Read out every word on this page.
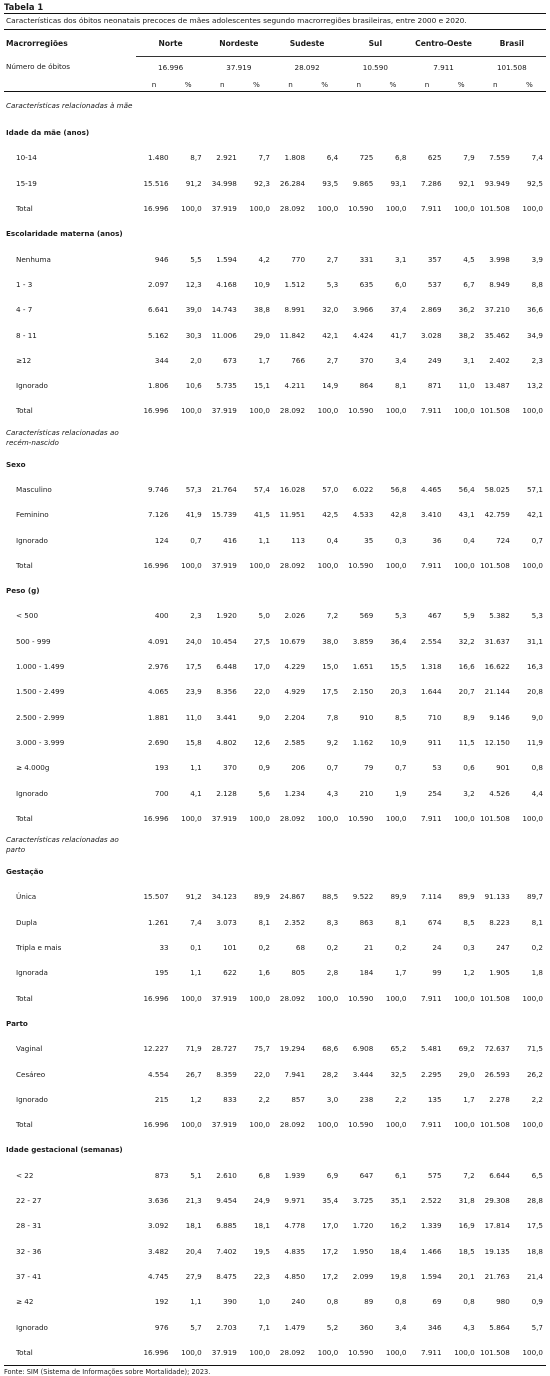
Tabela 1
Características dos óbitos neonatais precoces de mães adolescentes segundo macrorregiões brasileiras, entre 2000 e 2020.
Macrorregiões	Norte		Nordeste		Sudeste		Sul		Centro-Oeste		Brasil	
Número de óbitos	16.996		37.919		28.092		10.590		7.911		101.508	
	n	%	n	%	n	%	n	%	n	%	n	%
Características relacionadas à mãe												
Idade da mãe (anos)												
10-14	1.480	8,7	2.921	7,7	1.808	6,4	725	6,8	625	7,9	7.559	7,4
15-19	15.516	91,2	34.998	92,3	26.284	93,5	9.865	93,1	7.286	92,1	93.949	92,5
Total	16.996	100,0	37.919	100,0	28.092	100,0	10.590	100,0	7.911	100,0	101.508	100,0
Escolaridade materna (anos)												
Nenhuma	946	5,5	1.594	4,2	770	2,7	331	3,1	357	4,5	3.998	3,9
1 - 3	2.097	12,3	4.168	10,9	1.512	5,3	635	6,0	537	6,7	8.949	8,8
4 - 7	6.641	39,0	14.743	38,8	8.991	32,0	3.966	37,4	2.869	36,2	37.210	36,6
8 - 11	5.162	30,3	11.006	29,0	11.842	42,1	4.424	41,7	3.028	38,2	35.462	34,9
≥12	344	2,0	673	1,7	766	2,7	370	3,4	249	3,1	2.402	2,3
Ignorado	1.806	10,6	5.735	15,1	4.211	14,9	864	8,1	871	11,0	13.487	13,2
Total	16.996	100,0	37.919	100,0	28.092	100,0	10.590	100,0	7.911	100,0	101.508	100,0
Características relacionadas ao recém-nascido												
Sexo												
Masculino	9.746	57,3	21.764	57,4	16.028	57,0	6.022	56,8	4.465	56,4	58.025	57,1
Feminino	7.126	41,9	15.739	41,5	11.951	42,5	4.533	42,8	3.410	43,1	42.759	42,1
Ignorado	124	0,7	416	1,1	113	0,4	35	0,3	36	0,4	724	0,7
Total	16.996	100,0	37.919	100,0	28.092	100,0	10.590	100,0	7.911	100,0	101.508	100,0
Peso (g)												
< 500	400	2,3	1.920	5,0	2.026	7,2	569	5,3	467	5,9	5.382	5,3
500 - 999	4.091	24,0	10.454	27,5	10.679	38,0	3.859	36,4	2.554	32,2	31.637	31,1
1.000 - 1.499	2.976	17,5	6.448	17,0	4.229	15,0	1.651	15,5	1.318	16,6	16.622	16,3
1.500 - 2.499	4.065	23,9	8.356	22,0	4.929	17,5	2.150	20,3	1.644	20,7	21.144	20,8
2.500 - 2.999	1.881	11,0	3.441	9,0	2.204	7,8	910	8,5	710	8,9	9.146	9,0
3.000 - 3.999	2.690	15,8	4.802	12,6	2.585	9,2	1.162	10,9	911	11,5	12.150	11,9
≥ 4.000g	193	1,1	370	0,9	206	0,7	79	0,7	53	0,6	901	0,8
Ignorado	700	4,1	2.128	5,6	1.234	4,3	210	1,9	254	3,2	4.526	4,4
Total	16.996	100,0	37.919	100,0	28.092	100,0	10.590	100,0	7.911	100,0	101.508	100,0
Características relacionadas ao parto												
Gestação												
Única	15.507	91,2	34.123	89,9	24.867	88,5	9.522	89,9	7.114	89,9	91.133	89,7
Dupla	1.261	7,4	3.073	8,1	2.352	8,3	863	8,1	674	8,5	8.223	8,1
Tripla e mais	33	0,1	101	0,2	68	0,2	21	0,2	24	0,3	247	0,2
Ignorada	195	1,1	622	1,6	805	2,8	184	1,7	99	1,2	1.905	1,8
Total	16.996	100,0	37.919	100,0	28.092	100,0	10.590	100,0	7.911	100,0	101.508	100,0
Parto												
Vaginal	12.227	71,9	28.727	75,7	19.294	68,6	6.908	65,2	5.481	69,2	72.637	71,5
Cesáreo	4.554	26,7	8.359	22,0	7.941	28,2	3.444	32,5	2.295	29,0	26.593	26,2
Ignorado	215	1,2	833	2,2	857	3,0	238	2,2	135	1,7	2.278	2,2
Total	16.996	100,0	37.919	100,0	28.092	100,0	10.590	100,0	7.911	100,0	101.508	100,0
Idade gestacional (semanas)												
< 22	873	5,1	2.610	6,8	1.939	6,9	647	6,1	575	7,2	6.644	6,5
22 - 27	3.636	21,3	9.454	24,9	9.971	35,4	3.725	35,1	2.522	31,8	29.308	28,8
28 - 31	3.092	18,1	6.885	18,1	4.778	17,0	1.720	16,2	1.339	16,9	17.814	17,5
32 - 36	3.482	20,4	7.402	19,5	4.835	17,2	1.950	18,4	1.466	18,5	19.135	18,8
37 - 41	4.745	27,9	8.475	22,3	4.850	17,2	2.099	19,8	1.594	20,1	21.763	21,4
≥ 42	192	1,1	390	1,0	240	0,8	89	0,8	69	0,8	980	0,9
Ignorado	976	5,7	2.703	7,1	1.479	5,2	360	3,4	346	4,3	5.864	5,7
Total	16.996	100,0	37.919	100,0	28.092	100,0	10.590	100,0	7.911	100,0	101.508	100,0
Fonte: SIM (Sistema de Informações sobre Mortalidade); 2023.
